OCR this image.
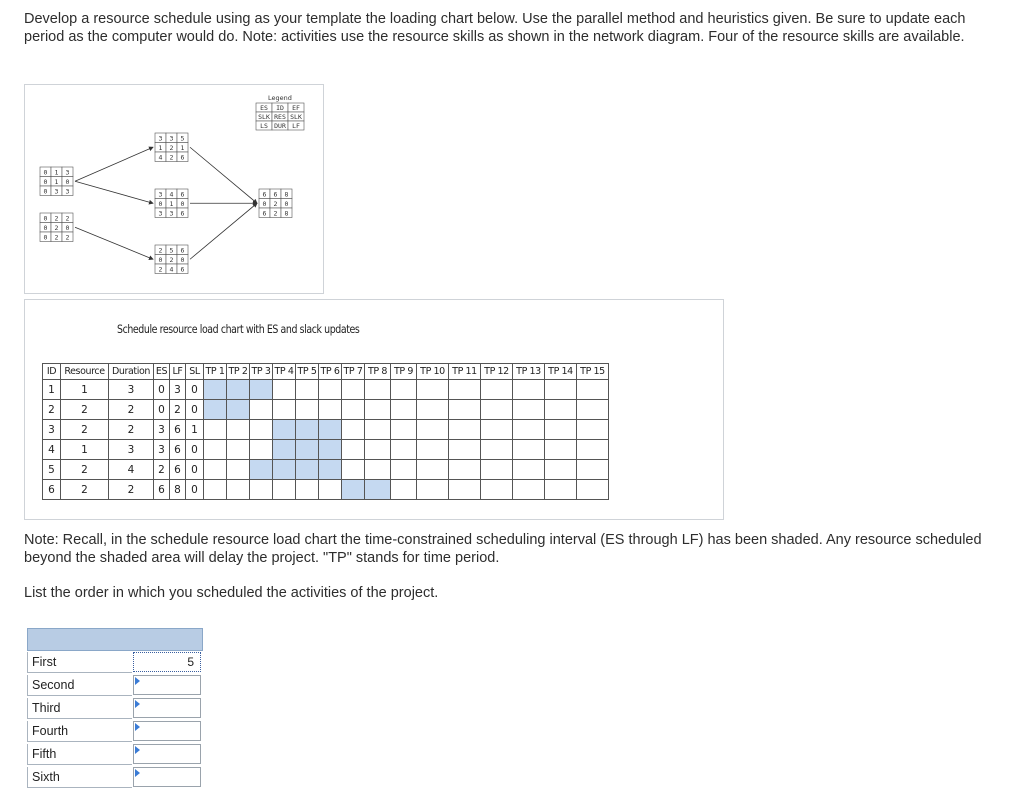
Develop a resource schedule using as your template the loading chart below. Use the parallel method and heuristics given. Be sure to update each period as the computer would do. Note: activities use the resource skills as shown in the network diagram. Four of the resource skills are available.
0 1 3
0 1 0
0 3 3
0 2 2
0 2 0
0 2 2
3 3 5
1 2 1
4 2 6
3 4 6
0 1 0
3 3 6
2 5 6
0 2 0
2 4 6
6 6 8
0 2 0
6 2 8
Legend
ES ID EF
SLK RES SLK
LS DUR LF
Schedule resource load chart with ES and slack updates
ID	Resource	Duration	ES	LF	SL	TP 1	TP 2	TP 3	TP 4	TP 5	TP 6	TP 7	TP 8	TP 9	TP 10	TP 11	TP 12	TP 13	TP 14	TP 15
1	1	3	0	3	0															
2	2	2	0	2	0															
3	2	2	3	6	1															
4	1	3	3	6	0															
5	2	4	2	6	0															
6	2	2	6	8	0															
Note: Recall, in the schedule resource load chart the time-constrained scheduling interval (ES through LF) has been shaded. Any resource scheduled beyond the shaded area will delay the project. "TP" stands for time period.
List the order in which you scheduled the activities of the project.
First	5
Second
Third
Fourth
Fifth
Sixth
